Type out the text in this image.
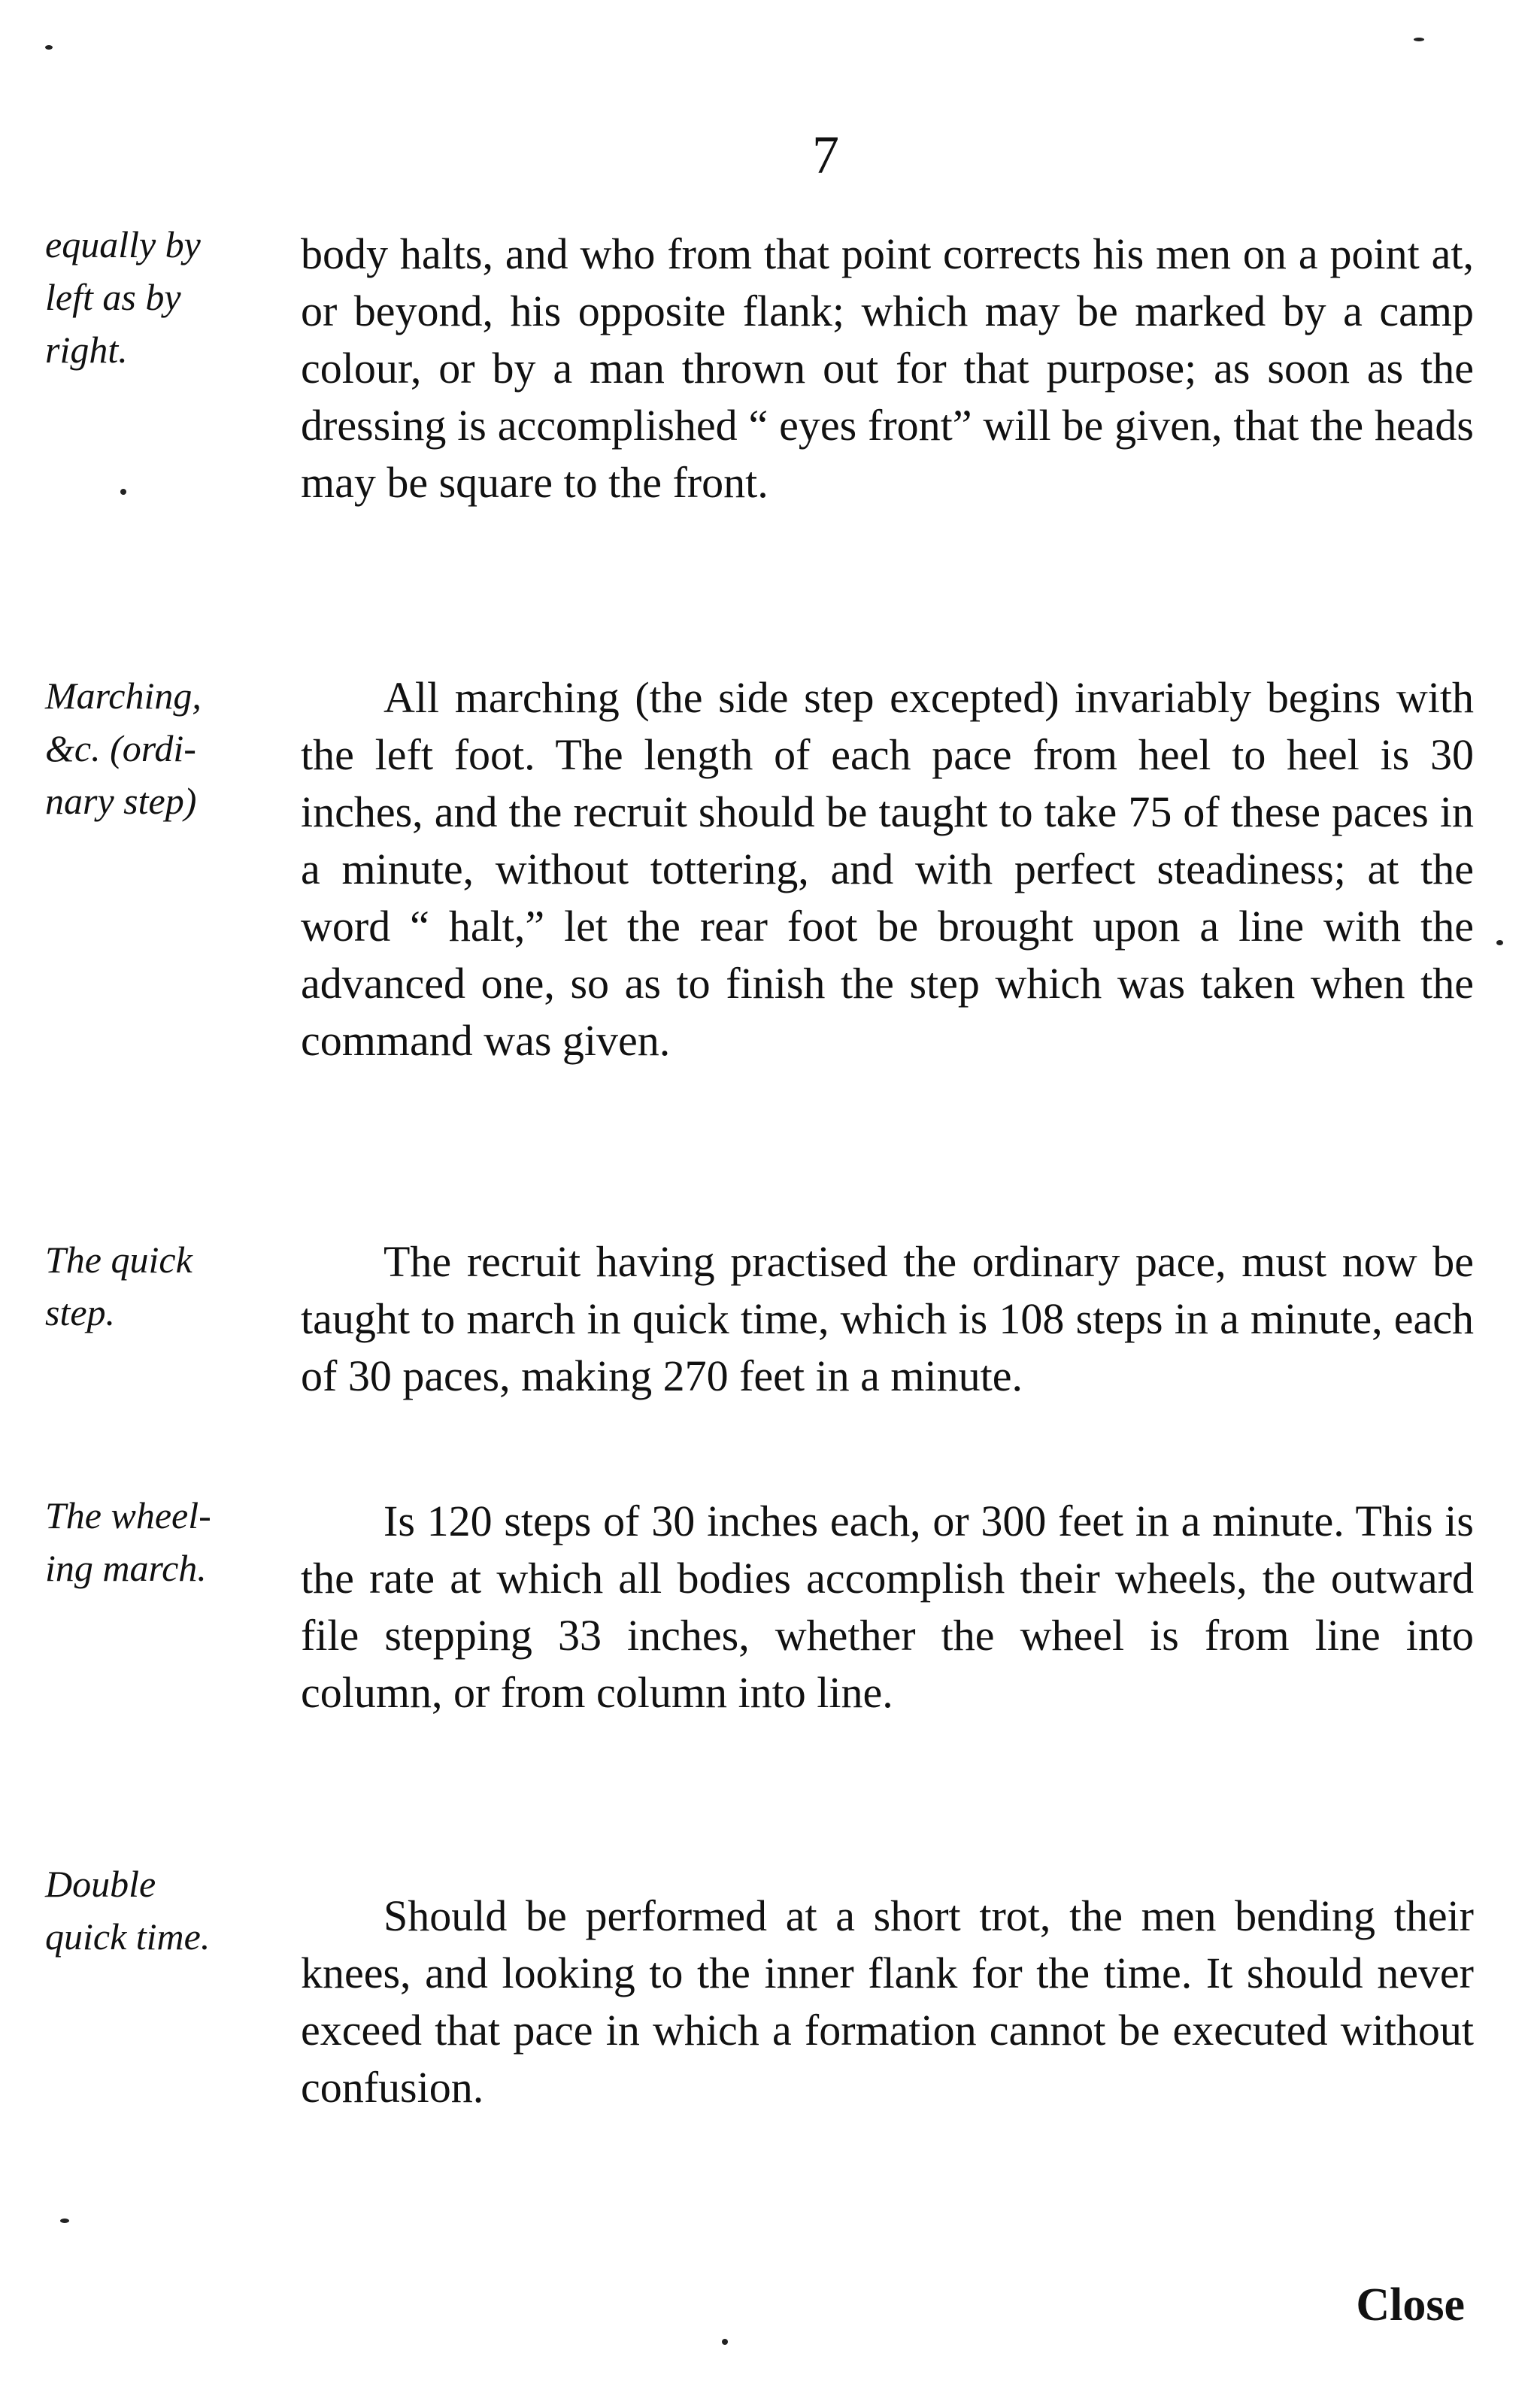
7
equally by
left as by
right.

body halts, and who from that point corrects his men on a point at, or beyond, his opposite flank; which may be marked by a camp colour, or by a man thrown out for that purpose; as soon as the dressing is accomplished “ eyes front” will be given, that the heads may be square to the front.

Marching,
&c. (ordi-
nary step)

All marching (the side step excepted) invariably begins with the left foot. The length of each pace from heel to heel is 30 inches, and the recruit should be taught to take 75 of these paces in a minute, without tottering, and with perfect steadiness; at the word “ halt,” let the rear foot be brought upon a line with the advanced one, so as to finish the step which was taken when the command was given.

The quick
step.

The recruit having practised the ordinary pace, must now be taught to march in quick time, which is 108 steps in a minute, each of 30 paces, making 270 feet in a minute.

The wheel-
ing march.

Is 120 steps of 30 inches each, or 300 feet in a minute. This is the rate at which all bodies accomplish their wheels, the outward file stepping 33 inches, whether the wheel is from line into column, or from column into line.

Double
quick time.	Should be performed at a short trot, the men bending their knees, and looking to the inner flank for the time. It should never exceed that pace in which a formation cannot be executed without confusion.

Close
